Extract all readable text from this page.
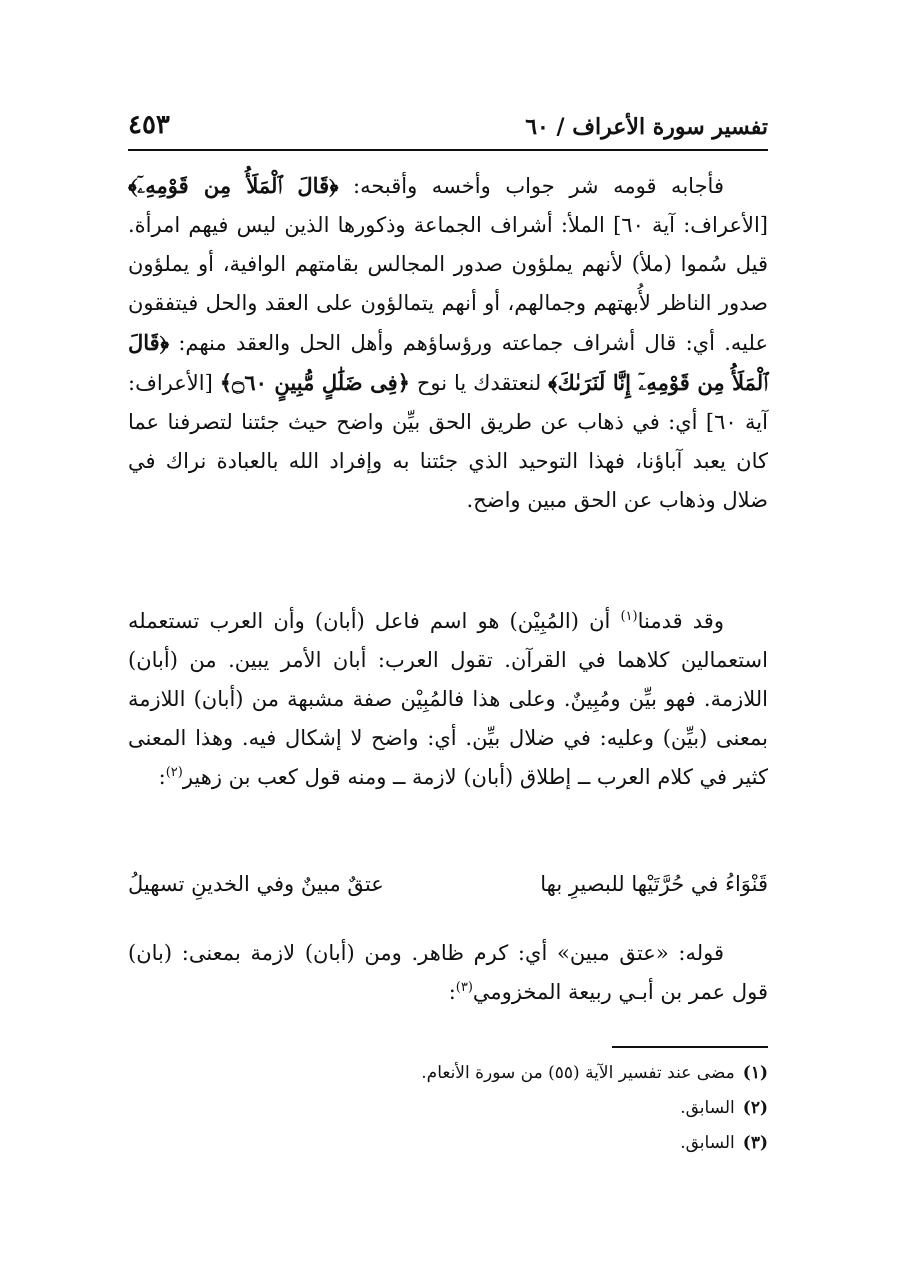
تفسير سورة الأعراف / ٦٠
٤٥٣

فأجابه قومه شر جواب وأخسه وأقبحه: ﴿قَالَ ٱلْمَلَأُ مِن قَوْمِهِۦٓ﴾ [الأعراف: آية ٦٠] الملأ: أشراف الجماعة وذكورها الذين ليس فيهم امرأة. قيل سُموا (ملأ) لأنهم يملؤون صدور المجالس بقامتهم الوافية، أو يملؤون صدور الناظر لأُبهتهم وجمالهم، أو أنهم يتمالؤون على العقد والحل فيتفقون عليه. أي: قال أشراف جماعته ورؤساؤهم وأهل الحل والعقد منهم: ﴿قَالَ ٱلْمَلَأُ مِن قَوْمِهِۦٓ إِنَّا لَنَرَىٰكَ﴾ لنعتقدك يا نوح ﴿فِى ضَلَٰلٍ مُّبِينٍ ۝٦٠﴾ [الأعراف: آية ٦٠] أي: في ذهاب عن طريق الحق بيِّن واضح حيث جئتنا لتصرفنا عما كان يعبد آباؤنا، فهذا التوحيد الذي جئتنا به وإفراد الله بالعبادة نراك في ضلال وذهاب عن الحق مبين واضح.

وقد قدمنا$^{(١)}$ أن (المُبِيْن) هو اسم فاعل (أبان) وأن العرب تستعمله استعمالين كلاهما في القرآن. تقول العرب: أبان الأمر يبين. من (أبان) اللازمة. فهو بيِّن ومُبِينٌ. وعلى هذا فالمُبِيْن صفة مشبهة من (أبان) اللازمة بمعنى (بيِّن) وعليه: في ضلال بيِّن. أي: واضح لا إشكال فيه. وهذا المعنى كثير في كلام العرب ــ إطلاق (أبان) لازمة ــ ومنه قول كعب بن زهير$^{(٢)}$:

قَنْوَاءُ في حُرَّتَيْها للبصيرِ بها
عتقٌ مبينٌ وفي الخدينِ تسهيلُ

قوله: «عتق مبين» أي: كرم ظاهر. ومن (أبان) لازمة بمعنى: (بان) قول عمر بن أبـي ربيعة المخزومي$^{(٣)}$:

(١)مضى عند تفسير الآية (٥٥) من سورة الأنعام.

(٢)السابق.

(٣)السابق.
